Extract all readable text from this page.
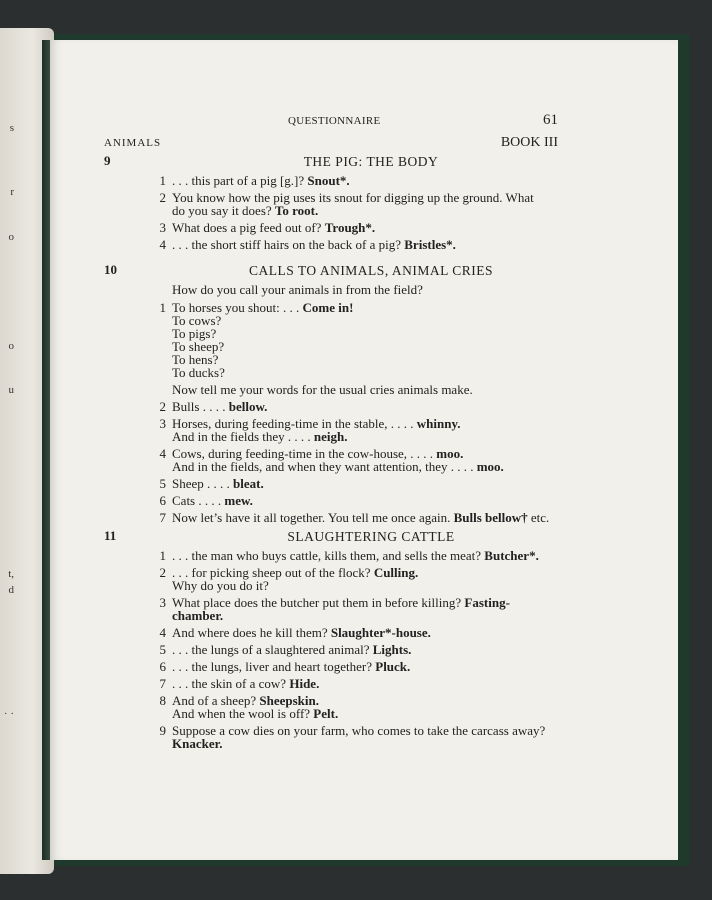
s
r
o
o
u
t,
d
· ·
QUESTIONNAIRE	61
ANIMALS	BOOK III
9	THE PIG: THE BODY
1 . . . this part of a pig [g.]? Snout*.
2 You know how the pig uses its snout for digging up the ground. What
do you say it does? To root.
3 What does a pig feed out of? Trough*.
4 . . . the short stiff hairs on the back of a pig? Bristles*.
10	CALLS TO ANIMALS, ANIMAL CRIES
How do you call your animals in from the field?
1 To horses you shout: . . . Come in!
To cows?
To pigs?
To sheep?
To hens?
To ducks?
Now tell me your words for the usual cries animals make.
2 Bulls . . . . bellow.
3 Horses, during feeding-time in the stable, . . . . whinny.
And in the fields they . . . . neigh.
4 Cows, during feeding-time in the cow-house, . . . . moo.
And in the fields, and when they want attention, they . . . . moo.
5 Sheep . . . . bleat.
6 Cats . . . . mew.
7 Now let’s have it all together. You tell me once again. Bulls bellow† etc.
11	SLAUGHTERING CATTLE
1 . . . the man who buys cattle, kills them, and sells the meat? Butcher*.
2 . . . for picking sheep out of the flock? Culling.
Why do you do it?
3 What place does the butcher put them in before killing? Fasting-
chamber.
4 And where does he kill them? Slaughter*-house.
5 . . . the lungs of a slaughtered animal? Lights.
6 . . . the lungs, liver and heart together? Pluck.
7 . . . the skin of a cow? Hide.
8 And of a sheep? Sheepskin.
And when the wool is off? Pelt.
9 Suppose a cow dies on your farm, who comes to take the carcass away?
Knacker.
